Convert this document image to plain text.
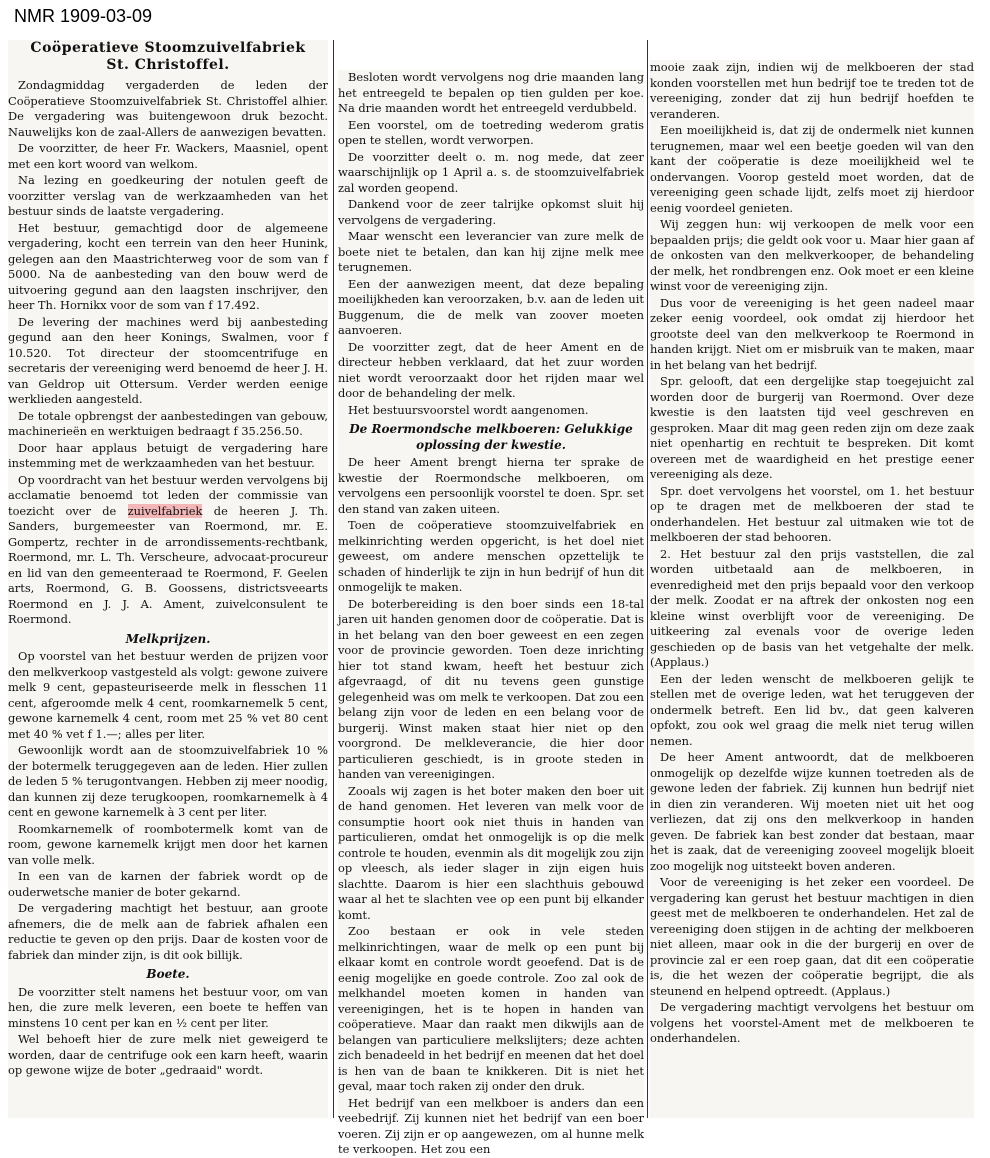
NMR 1909-03-09
Coöperatieve Stoomzuivelfabriek
St. Christoffel.

Zondagmiddag vergaderden de leden der Coöperatieve Stoomzuivelfabriek St. Christoffel alhier. De vergadering was buitengewoon druk bezocht. Nauwelijks kon de zaal-Allers de aanwezigen bevatten.

De voorzitter, de heer Fr. Wackers, Maasniel, opent met een kort woord van welkom.

Na lezing en goedkeuring der notulen geeft de voorzitter verslag van de werkzaamheden van het bestuur sinds de laatste vergadering.

Het bestuur, gemachtigd door de algemeene vergadering, kocht een terrein van den heer Hunink, gelegen aan den Maastrichterweg voor de som van f 5000. Na de aanbesteding van den bouw werd de uitvoering gegund aan den laagsten inschrijver, den heer Th. Hornikx voor de som van f 17.492.

De levering der machines werd bij aanbesteding gegund aan den heer Konings, Swalmen, voor f 10.520. Tot directeur der stoomcentrifuge en secretaris der vereeniging werd benoemd de heer J. H. van Geldrop uit Ottersum. Verder werden eenige werklieden aangesteld.

De totale opbrengst der aanbestedingen van gebouw, machinerieën en werktuigen bedraagt f 35.256.50.

Door haar applaus betuigt de vergadering hare instemming met de werkzaamheden van het bestuur.

Op voordracht van het bestuur werden vervolgens bij acclamatie benoemd tot leden der commissie van toezicht over de zuivelfabriek de heeren J. Th. Sanders, burgemeester van Roermond, mr. E. Gompertz, rechter in de arrondissements-rechtbank, Roermond, mr. L. Th. Verscheure, advocaat-procureur en lid van den gemeenteraad te Roermond, F. Geelen arts, Roermond, G. B. Goossens, districtsveearts Roermond en J. J. A. Ament, zuivelconsulent te Roermond.

Melkprijzen.

Op voorstel van het bestuur werden de prijzen voor den melkverkoop vastgesteld als volgt: gewone zuivere melk 9 cent, gepasteuriseerde melk in flesschen 11 cent, afgeroomde melk 4 cent, roomkarnemelk 5 cent, gewone karnemelk 4 cent, room met 25 % vet 80 cent met 40 % vet f 1.—; alles per liter.

Gewoonlijk wordt aan de stoomzuivelfabriek 10 % der botermelk teruggegeven aan de leden. Hier zullen de leden 5 % terugontvangen. Hebben zij meer noodig, dan kunnen zij deze terugkoopen, roomkarnemelk à 4 cent en gewone karnemelk à 3 cent per liter.

Roomkarnemelk of roombotermelk komt van de room, gewone karnemelk krijgt men door het karnen van volle melk.

In een van de karnen der fabriek wordt op de ouderwetsche manier de boter gekarnd.

De vergadering machtigt het bestuur, aan groote afnemers, die de melk aan de fabriek afhalen een reductie te geven op den prijs. Daar de kosten voor de fabriek dan minder zijn, is dit ook billijk.

Boete.

De voorzitter stelt namens het bestuur voor, om van hen, die zure melk leveren, een boete te heffen van minstens 10 cent per kan en ½ cent per liter.

Wel behoeft hier de zure melk niet geweigerd te worden, daar de centrifuge ook een karn heeft, waarin op gewone wijze de boter „gedraaid" wordt.

Besloten wordt vervolgens nog drie maanden lang het entreegeld te bepalen op tien gulden per koe. Na drie maanden wordt het entreegeld verdubbeld.

Een voorstel, om de toetreding wederom gratis open te stellen, wordt verworpen.

De voorzitter deelt o. m. nog mede, dat zeer waarschijnlijk op 1 April a. s. de stoomzuivelfabriek zal worden geopend.

Dankend voor de zeer talrijke opkomst sluit hij vervolgens de vergadering.

Maar wenscht een leverancier van zure melk de boete niet te betalen, dan kan hij zijne melk mee terugnemen.

Een der aanwezigen meent, dat deze bepaling moeilijkheden kan veroorzaken, b.v. aan de leden uit Buggenum, die de melk van zoover moeten aanvoeren.

De voorzitter zegt, dat de heer Ament en de directeur hebben verklaard, dat het zuur worden niet wordt veroorzaakt door het rijden maar wel door de behandeling der melk.

Het bestuursvoorstel wordt aangenomen.

De Roermondsche melkboeren: Gelukkige oplossing der kwestie.

De heer Ament brengt hierna ter sprake de kwestie der Roermondsche melkboeren, om vervolgens een persoonlijk voorstel te doen. Spr. set den stand van zaken uiteen.

Toen de coöperatieve stoomzuivelfabriek en melkinrichting werden opgericht, is het doel niet geweest, om andere menschen opzettelijk te schaden of hinderlijk te zijn in hun bedrijf of hun dit onmogelijk te maken.

De boterbereiding is den boer sinds een 18-tal jaren uit handen genomen door de coöperatie. Dat is in het belang van den boer geweest en een zegen voor de provincie geworden. Toen deze inrichting hier tot stand kwam, heeft het bestuur zich afgevraagd, of dit nu tevens geen gunstige gelegenheid was om melk te verkoopen. Dat zou een belang zijn voor de leden en een belang voor de burgerij. Winst maken staat hier niet op den voorgrond. De melkleverancie, die hier door particulieren geschiedt, is in groote steden in handen van vereenigingen.

Zooals wij zagen is het boter maken den boer uit de hand genomen. Het leveren van melk voor de consumptie hoort ook niet thuis in handen van particulieren, omdat het onmogelijk is op die melk controle te houden, evenmin als dit mogelijk zou zijn op vleesch, als ieder slager in zijn eigen huis slachtte. Daarom is hier een slachthuis gebouwd waar al het te slachten vee op een punt bij elkander komt.

Zoo bestaan er ook in vele steden melkinrichtingen, waar de melk op een punt bij elkaar komt en controle wordt geoefend. Dat is de eenig mogelijke en goede controle. Zoo zal ook de melkhandel moeten komen in handen van vereenigingen, het is te hopen in handen van coöperatieve. Maar dan raakt men dikwijls aan de belangen van particuliere melkslijters; deze achten zich benadeeld in het bedrijf en meenen dat het doel is hen van de baan te knikkeren. Dit is niet het geval, maar toch raken zij onder den druk.

Het bedrijf van een melkboer is anders dan een veebedrijf. Zij kunnen niet het bedrijf van een boer voeren. Zij zijn er op aangewezen, om al hunne melk te verkoopen. Het zou een

mooie zaak zijn, indien wij de melkboeren der stad konden voorstellen met hun bedrijf toe te treden tot de vereeniging, zonder dat zij hun bedrijf hoefden te veranderen.

Een moeilijkheid is, dat zij de ondermelk niet kunnen terugnemen, maar wel een beetje goeden wil van den kant der coöperatie is deze moeilijkheid wel te ondervangen. Voorop gesteld moet worden, dat de vereeniging geen schade lijdt, zelfs moet zij hierdoor eenig voordeel genieten.

Wij zeggen hun: wij verkoopen de melk voor een bepaalden prijs; die geldt ook voor u. Maar hier gaan af de onkosten van den melkverkooper, de behandeling der melk, het rondbrengen enz. Ook moet er een kleine winst voor de vereeniging zijn.

Dus voor de vereeniging is het geen nadeel maar zeker eenig voordeel, ook omdat zij hierdoor het grootste deel van den melkverkoop te Roermond in handen krijgt. Niet om er misbruik van te maken, maar in het belang van het bedrijf.

Spr. gelooft, dat een dergelijke stap toegejuicht zal worden door de burgerij van Roermond. Over deze kwestie is den laatsten tijd veel geschreven en gesproken. Maar dit mag geen reden zijn om deze zaak niet openhartig en rechtuit te bespreken. Dit komt overeen met de waardigheid en het prestige eener vereeniging als deze.

Spr. doet vervolgens het voorstel, om 1. het bestuur op te dragen met de melkboeren der stad te onderhandelen. Het bestuur zal uitmaken wie tot de melkboeren der stad behooren.

2. Het bestuur zal den prijs vaststellen, die zal worden uitbetaald aan de melkboeren, in evenredigheid met den prijs bepaald voor den verkoop der melk. Zoodat er na aftrek der onkosten nog een kleine winst overblijft voor de vereeniging. De uitkeering zal evenals voor de overige leden geschieden op de basis van het vetgehalte der melk. (Applaus.)

Een der leden wenscht de melkboeren gelijk te stellen met de overige leden, wat het teruggeven der ondermelk betreft. Een lid bv., dat geen kalveren opfokt, zou ook wel graag die melk niet terug willen nemen.

De heer Ament antwoordt, dat de melkboeren onmogelijk op dezelfde wijze kunnen toetreden als de gewone leden der fabriek. Zij kunnen hun bedrijf niet in dien zin veranderen. Wij moeten niet uit het oog verliezen, dat zij ons den melkverkoop in handen geven. De fabriek kan best zonder dat bestaan, maar het is zaak, dat de vereeniging zooveel mogelijk bloeit zoo mogelijk nog uitsteekt boven anderen.

Voor de vereeniging is het zeker een voordeel. De vergadering kan gerust het bestuur machtigen in dien geest met de melkboeren te onderhandelen. Het zal de vereeniging doen stijgen in de achting der melkboeren niet alleen, maar ook in die der burgerij en over de provincie zal er een roep gaan, dat dit een coöperatie is, die het wezen der coöperatie begrijpt, die als steunend en helpend optreedt. (Applaus.)

De vergadering machtigt vervolgens het bestuur om volgens het voorstel-Ament met de melkboeren te onderhandelen.
